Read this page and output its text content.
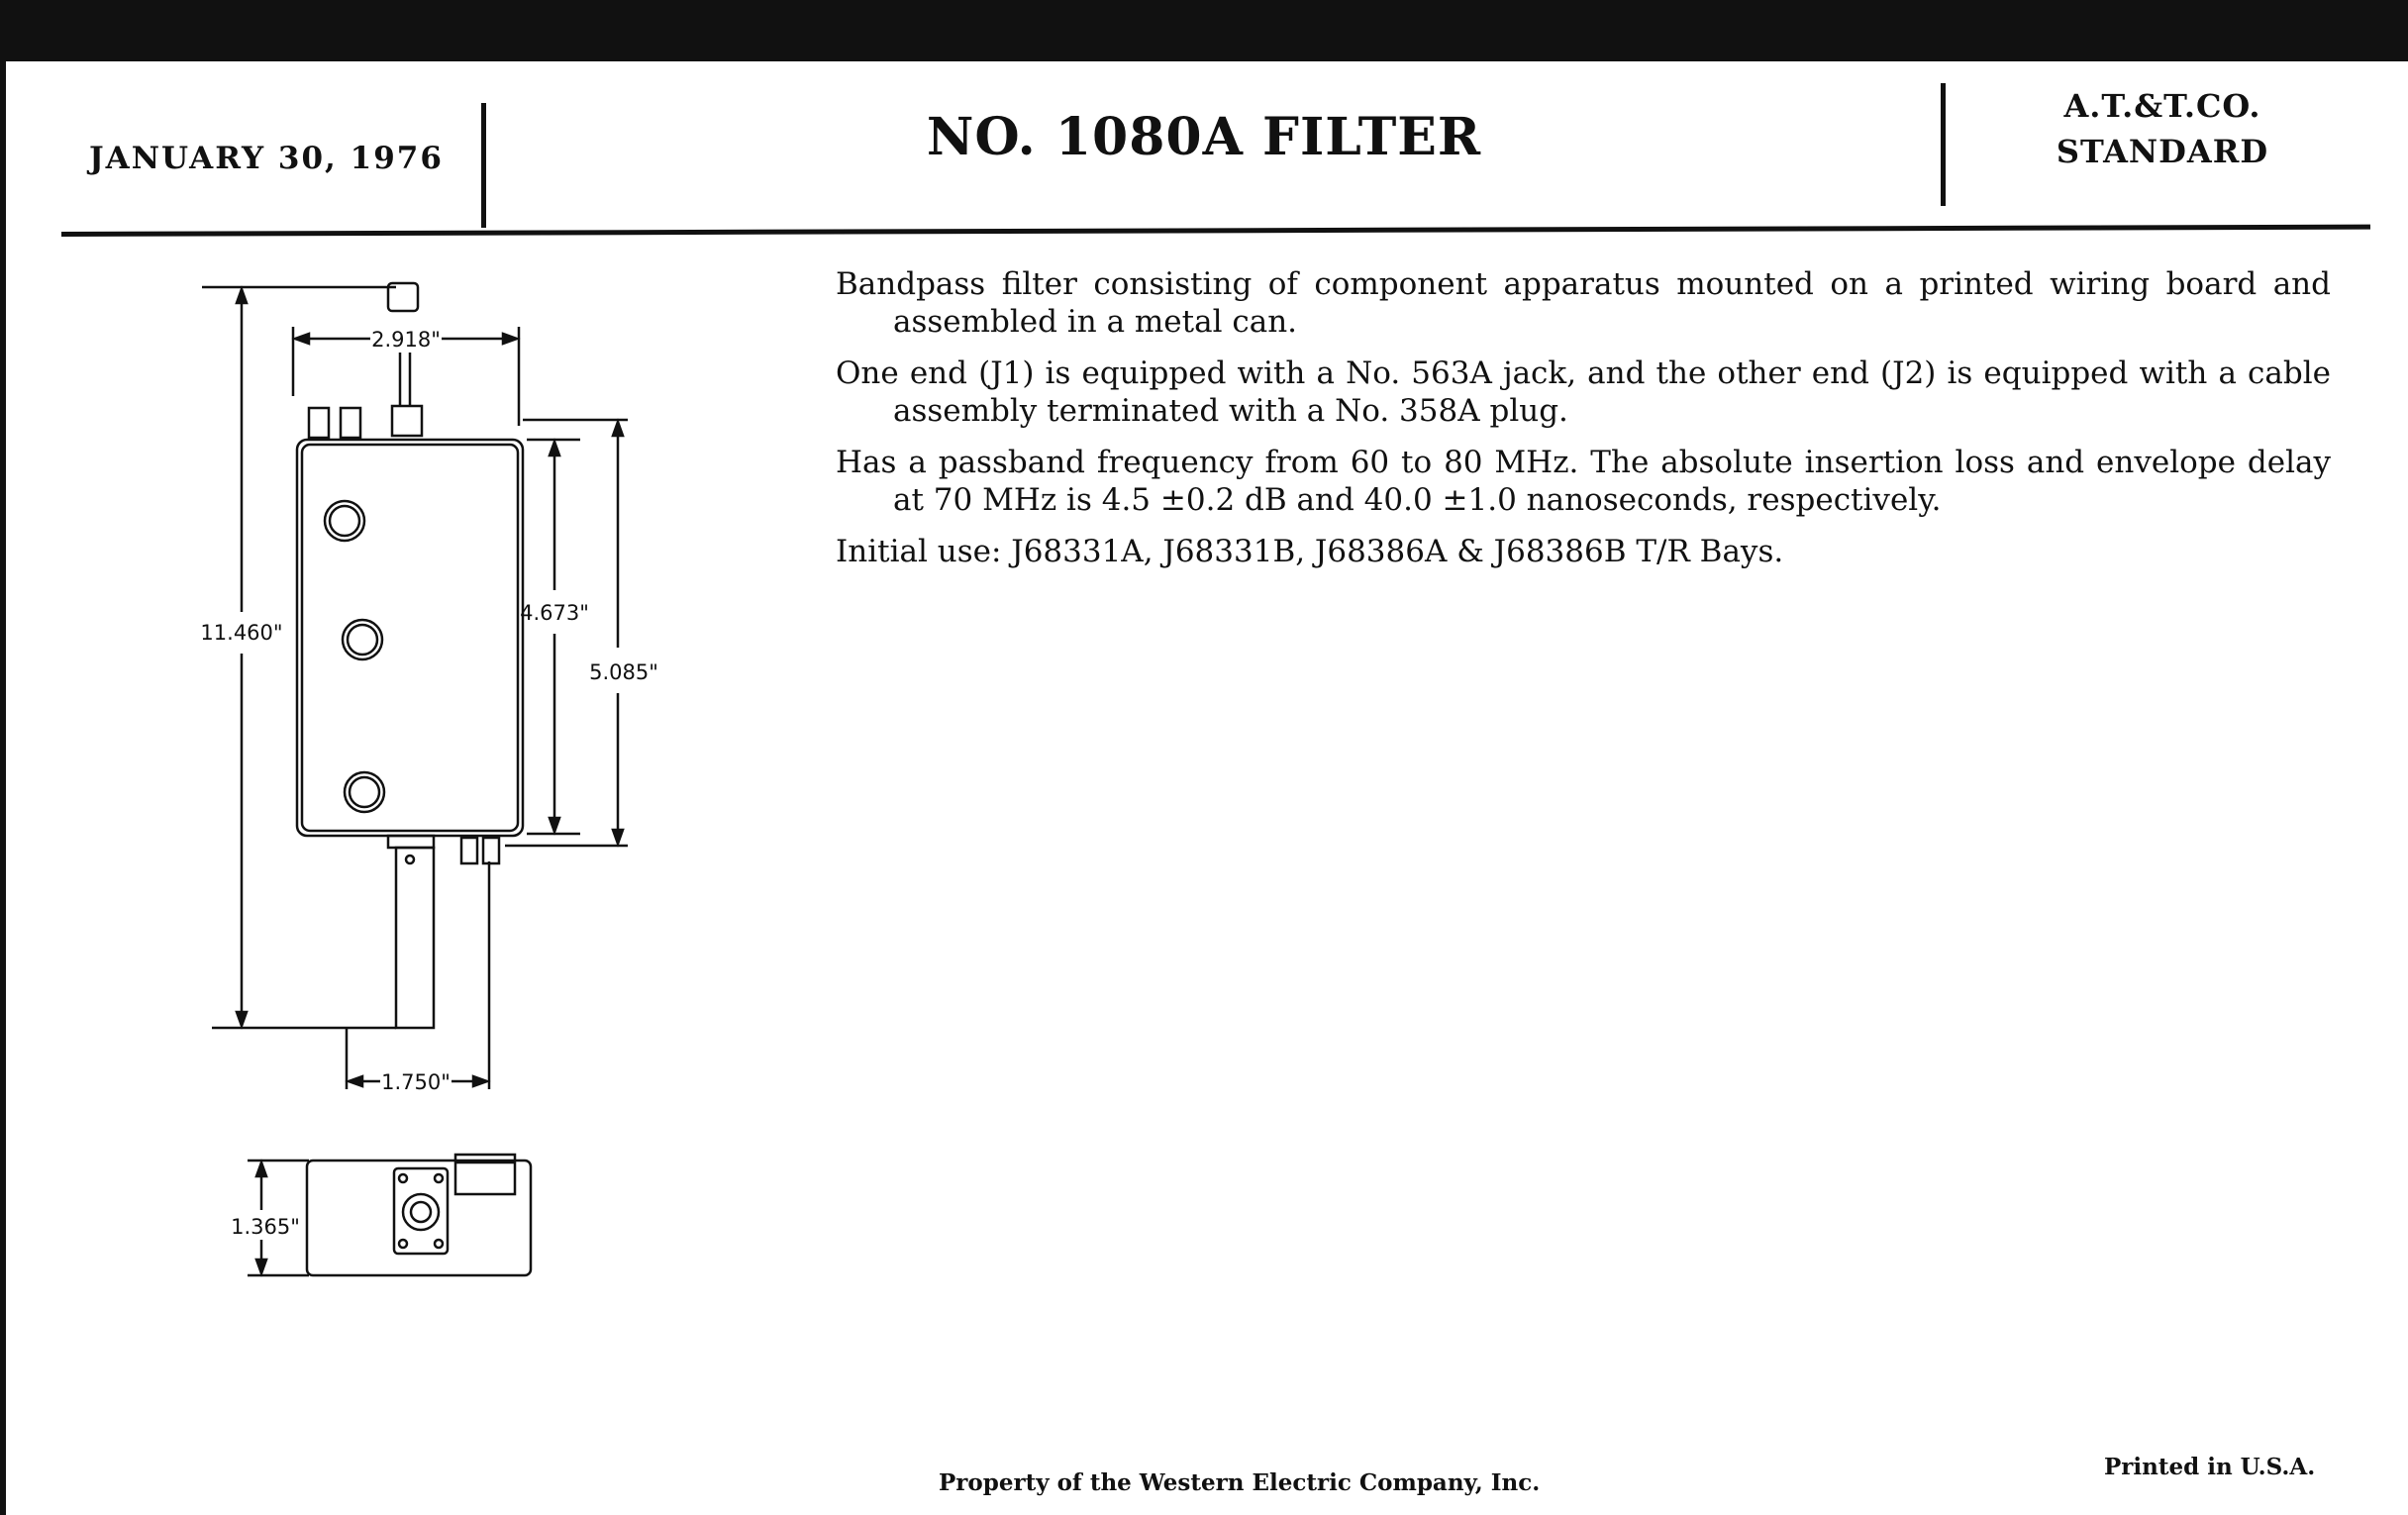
JANUARY 30, 1976	NO. 1080A FILTER
A.T.&T.CO.
STANDARD

Bandpass filter consisting of component apparatus mounted on a printed wiring board and assembled in a metal can.

One end (J1) is equipped with a No. 563A jack, and the other end (J2) is equipped with a cable assembly terminated with a No. 358A plug.

Has a passband frequency from 60 to 80 MHz. The absolute insertion loss and envelope delay at 70 MHz is 4.5 ±0.2 dB and 40.0 ±1.0 nanoseconds, respectively.

Initial use: J68331A, J68331B, J68386A & J68386B T/R Bays.

2.918"
11.460"
4.673"
5.085"
1.750"
1.365"
Property of the Western Electric Company, Inc.
Printed in U.S.A.
